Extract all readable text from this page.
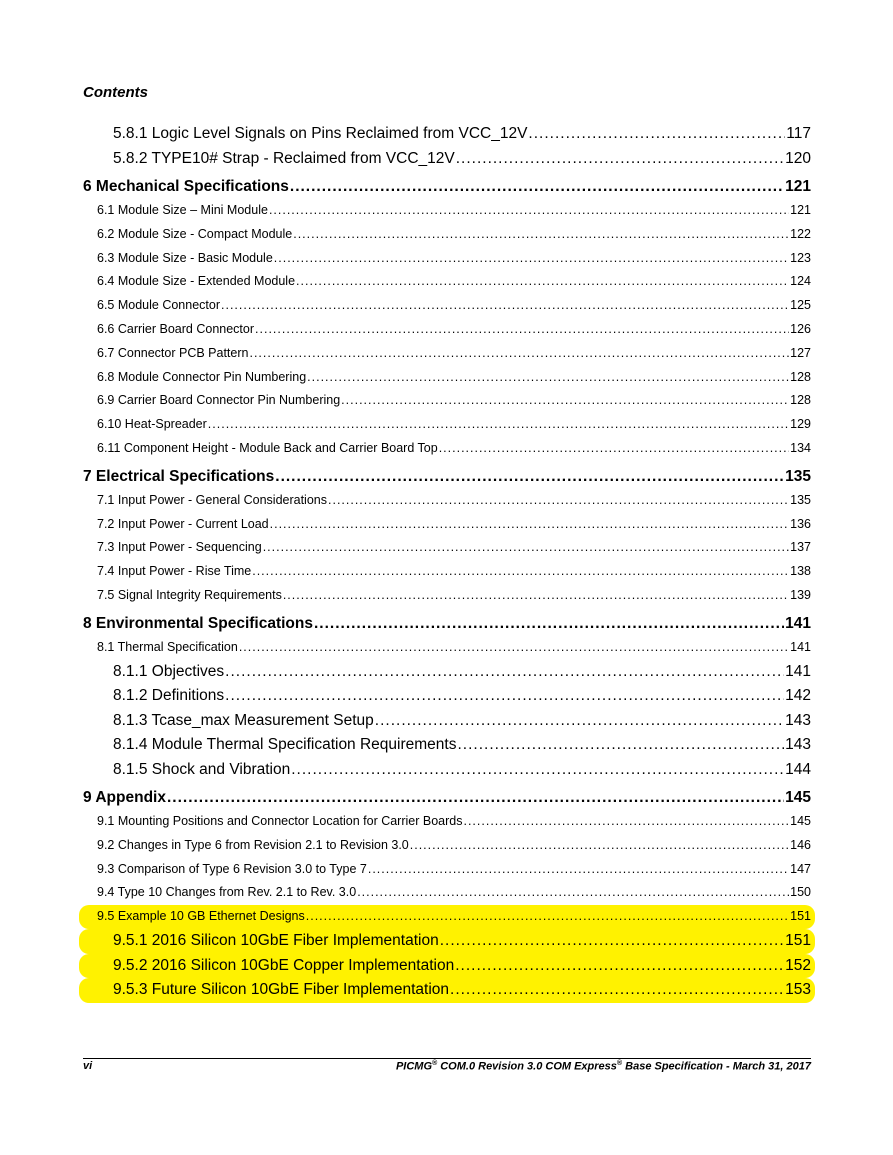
Contents
5.8.1 Logic Level Signals on Pins Reclaimed from VCC_12V .....	117
5.8.2 TYPE10# Strap - Reclaimed from VCC_12V .....	120
6 Mechanical Specifications .....	121
6.1 Module Size – Mini Module .....	121
6.2 Module Size - Compact Module .....	122
6.3 Module Size - Basic Module .....	123
6.4 Module Size - Extended Module .....	124
6.5 Module Connector .....	125
6.6 Carrier Board Connector .....	126
6.7 Connector PCB Pattern .....	127
6.8 Module Connector Pin Numbering .....	128
6.9 Carrier Board Connector Pin Numbering .....	128
6.10 Heat-Spreader .....	129
6.11 Component Height - Module Back and Carrier Board Top .....	134
7 Electrical Specifications .....	135
7.1 Input Power - General Considerations .....	135
7.2 Input Power - Current Load .....	136
7.3 Input Power - Sequencing .....	137
7.4 Input Power - Rise Time .....	138
7.5 Signal Integrity Requirements .....	139
8 Environmental Specifications .....	141
8.1 Thermal Specification .....	141
8.1.1 Objectives .....	141
8.1.2 Definitions .....	142
8.1.3 Tcase_max Measurement Setup .....	143
8.1.4 Module Thermal Specification Requirements .....	143
8.1.5 Shock and Vibration .....	144
9 Appendix .....	145
9.1 Mounting Positions and Connector Location for Carrier Boards .....	145
9.2 Changes in Type 6 from Revision 2.1 to Revision 3.0 .....	146
9.3 Comparison of Type 6 Revision 3.0 to Type 7 .....	147
9.4 Type 10 Changes from Rev. 2.1 to Rev. 3.0 .....	150
9.5 Example 10 GB Ethernet Designs .....	151
9.5.1 2016 Silicon 10GbE Fiber Implementation .....	151
9.5.2 2016 Silicon 10GbE Copper Implementation .....	152
9.5.3 Future Silicon 10GbE Fiber Implementation .....	153
vi	PICMG® COM.0 Revision 3.0 COM Express® Base Specification - March 31, 2017
